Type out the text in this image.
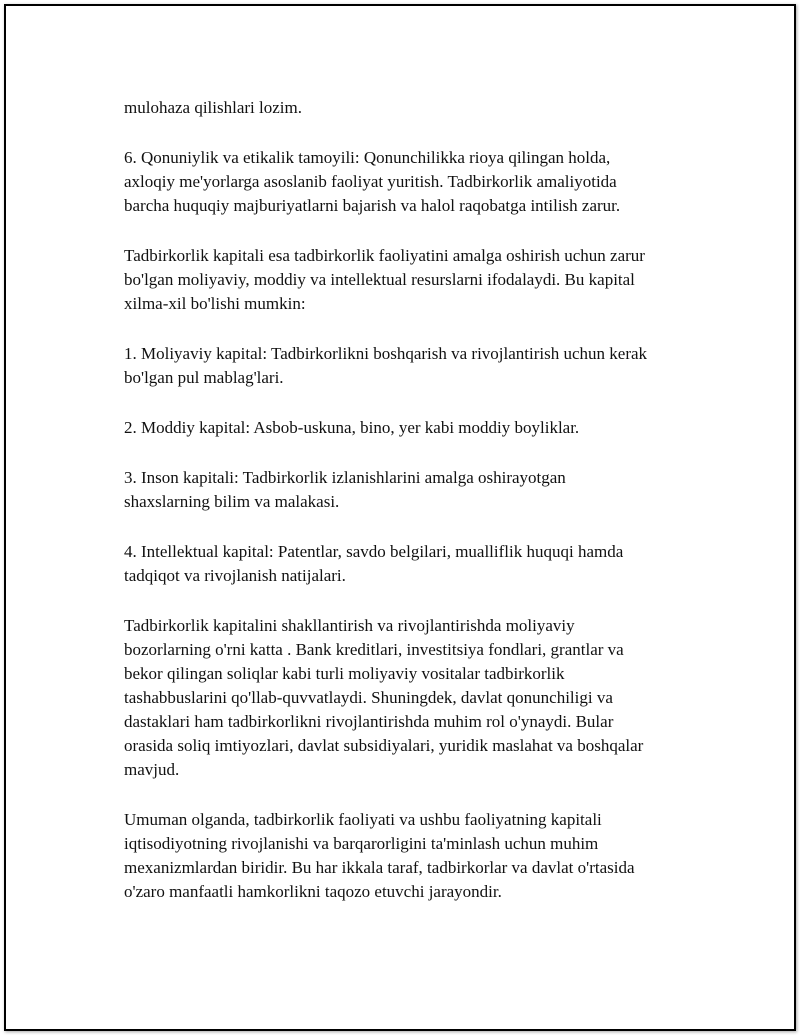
mulohaza qilishlari lozim.

6. Qonuniylik va etikalik tamoyili: Qonunchilikka rioya qilingan holda,
axloqiy me'yorlarga asoslanib faoliyat yuritish. Tadbirkorlik amaliyotida
barcha huquqiy majburiyatlarni bajarish va halol raqobatga intilish zarur.

Tadbirkorlik kapitali esa tadbirkorlik faoliyatini amalga oshirish uchun zarur
bo'lgan moliyaviy, moddiy va intellektual resurslarni ifodalaydi. Bu kapital
xilma-xil bo'lishi mumkin:

1. Moliyaviy kapital: Tadbirkorlikni boshqarish va rivojlantirish uchun kerak
bo'lgan pul mablag'lari.

2. Moddiy kapital: Asbob-uskuna, bino, yer kabi moddiy boyliklar.

3. Inson kapitali: Tadbirkorlik izlanishlarini amalga oshirayotgan
shaxslarning bilim va malakasi.

4. Intellektual kapital: Patentlar, savdo belgilari, mualliflik huquqi hamda
tadqiqot va rivojlanish natijalari.

Tadbirkorlik kapitalini shakllantirish va rivojlantirishda moliyaviy
bozorlarning o'rni katta . Bank kreditlari, investitsiya fondlari, grantlar va
bekor qilingan soliqlar kabi turli moliyaviy vositalar tadbirkorlik
tashabbuslarini qo'llab-quvvatlaydi. Shuningdek, davlat qonunchiligi va
dastaklari ham tadbirkorlikni rivojlantirishda muhim rol o'ynaydi. Bular
orasida soliq imtiyozlari, davlat subsidiyalari, yuridik maslahat va boshqalar
mavjud.

Umuman olganda, tadbirkorlik faoliyati va ushbu faoliyatning kapitali
iqtisodiyotning rivojlanishi va barqarorligini ta'minlash uchun muhim
mexanizmlardan biridir. Bu har ikkala taraf, tadbirkorlar va davlat o'rtasida
o'zaro manfaatli hamkorlikni taqozo etuvchi jarayondir.
